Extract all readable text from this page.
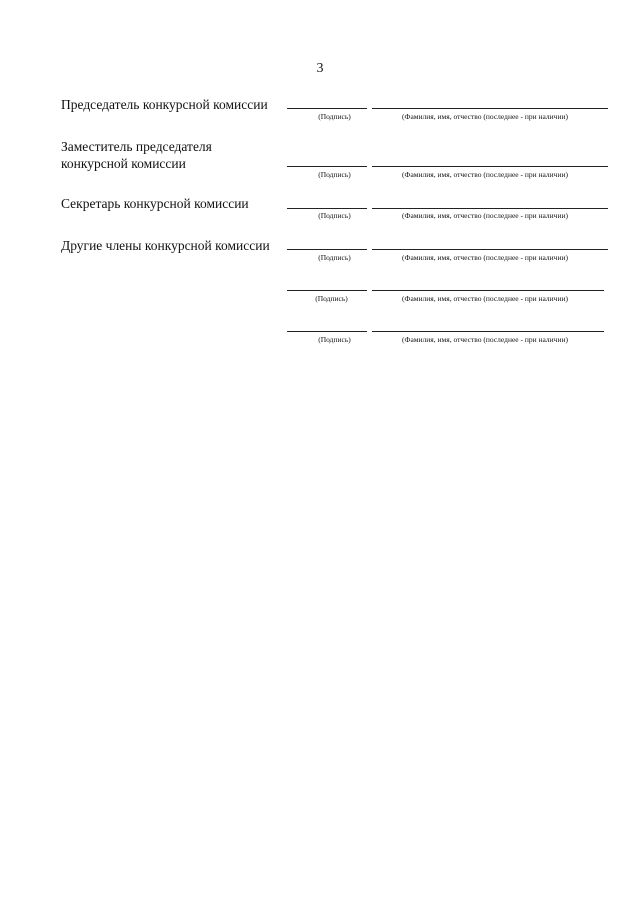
3
Председатель конкурсной комиссии
(Подпись)	(Фамилия, имя, отчество (последнее - при наличии)
Заместитель председателя
конкурсной комиссии
(Подпись)	(Фамилия, имя, отчество (последнее - при наличии)
Секретарь конкурсной комиссии
(Подпись)	(Фамилия, имя, отчество (последнее - при наличии)
Другие члены конкурсной комиссии
(Подпись)	(Фамилия, имя, отчество (последнее - при наличии)
(Подпись)	(Фамилия, имя, отчество (последнее - при наличии)
(Подпись)	(Фамилия, имя, отчество (последнее - при наличии)
